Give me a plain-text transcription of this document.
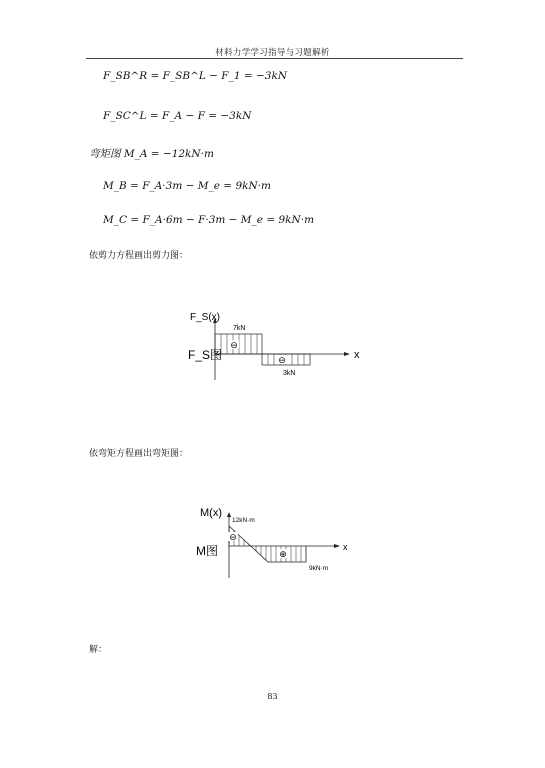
材料力学学习指导与习题解析
F_SB^R = F_SB^L − F_1 = −3kN
F_SC^L = F_A − F = −3kN
弯矩图 M_A = −12kN·m
M_B = F_A·3m − M_e = 9kN·m
M_C = F_A·6m − F·3m − M_e = 9kN·m
依剪力方程画出剪力图：
⊖
⊖
F_S(x)
x
F_S图
7kN
3kN
依弯矩方程画出弯矩图：
⊖
⊕
M(x)
x
M图
12kN·m
9kN·m
解：
83
